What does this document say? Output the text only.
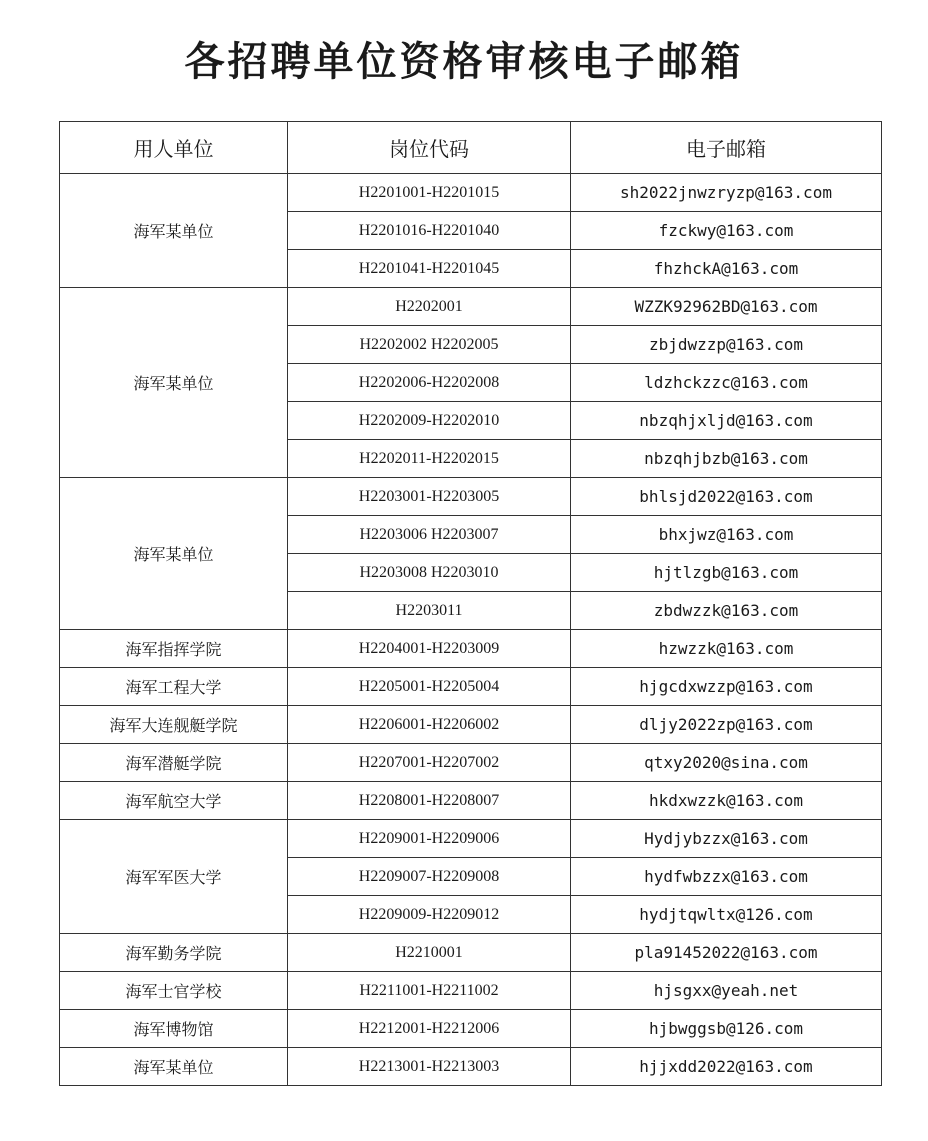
各招聘单位资格审核电子邮箱
用人单位	岗位代码	电子邮箱
海军某单位	H2201001-H2201015	sh2022jnwzryzp@163.com
	H2201016-H2201040	fzckwy@163.com
	H2201041-H2201045	fhzhckA@163.com
海军某单位	H2202001	WZZK92962BD@163.com
	H2202002 H2202005	zbjdwzzp@163.com
	H2202006-H2202008	ldzhckzzc@163.com
	H2202009-H2202010	nbzqhjxljd@163.com
	H2202011-H2202015	nbzqhjbzb@163.com
海军某单位	H2203001-H2203005	bhlsjd2022@163.com
	H2203006 H2203007	bhxjwz@163.com
	H2203008 H2203010	hjtlzgb@163.com
	H2203011	zbdwzzk@163.com
海军指挥学院	H2204001-H2203009	hzwzzk@163.com
海军工程大学	H2205001-H2205004	hjgcdxwzzp@163.com
海军大连舰艇学院	H2206001-H2206002	dljy2022zp@163.com
海军潜艇学院	H2207001-H2207002	qtxy2020@sina.com
海军航空大学	H2208001-H2208007	hkdxwzzk@163.com
海军军医大学	H2209001-H2209006	Hydjybzzx@163.com
	H2209007-H2209008	hydfwbzzx@163.com
	H2209009-H2209012	hydjtqwltx@126.com
海军勤务学院	H2210001	pla91452022@163.com
海军士官学校	H2211001-H2211002	hjsgxx@yeah.net
海军博物馆	H2212001-H2212006	hjbwggsb@126.com
海军某单位	H2213001-H2213003	hjjxdd2022@163.com
